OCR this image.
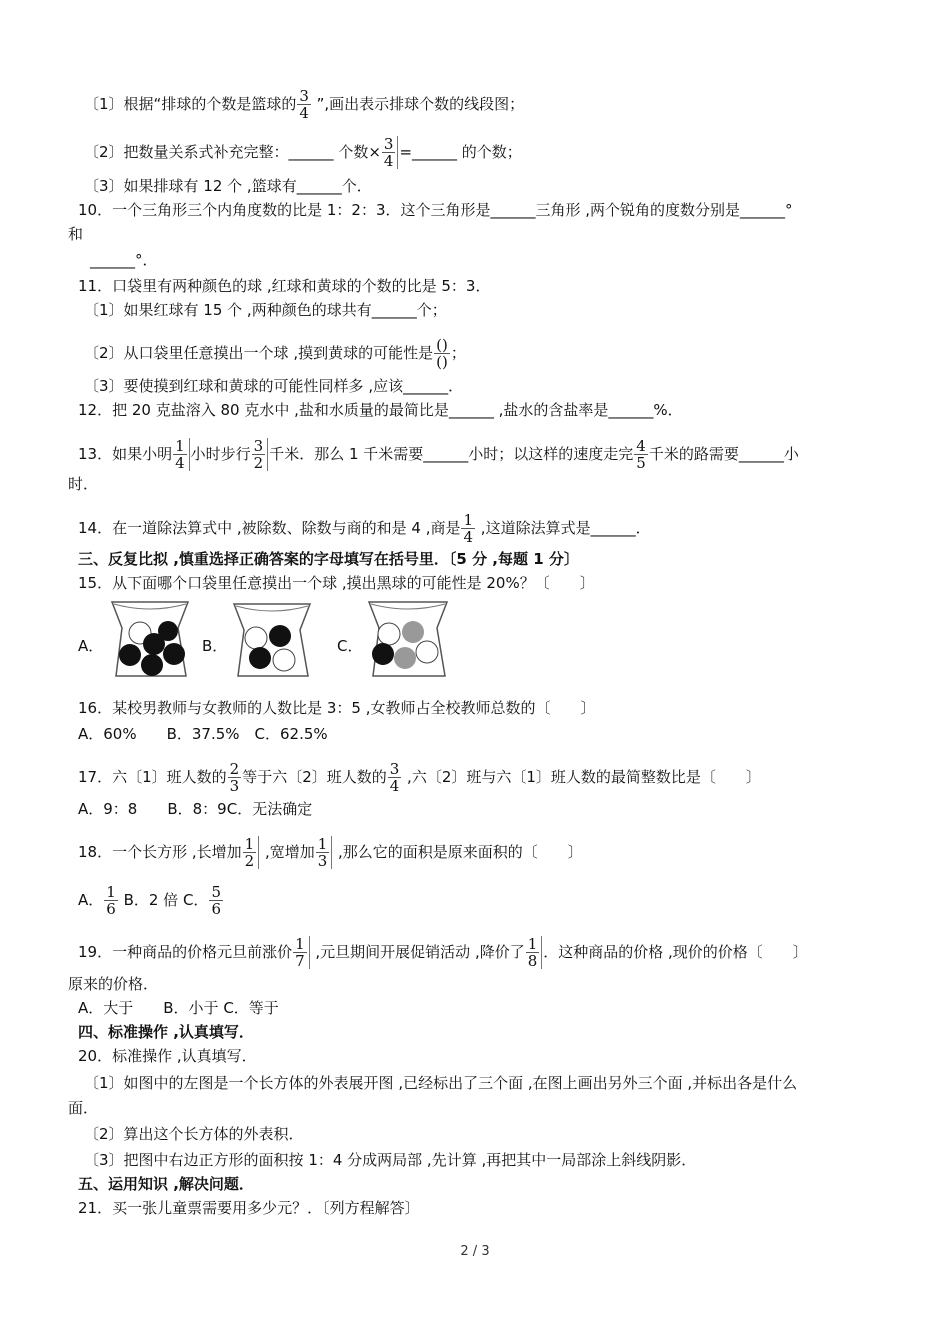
〔1〕根据“排球的个数是篮球的 $\frac{3}{4}$ ”,画出表示排球个数的线段图；
〔2〕把数量关系式补充完整：______ 个数× $\frac{3}{4}$ =______ 的个数；
〔3〕如果排球有 12 个 ,篮球有______个．
10．一个三角形三个内角度数的比是 1：2：3．这个三角形是______三角形 ,两个锐角的度数分别是______°
和
______°．
11．口袋里有两种颜色的球 ,红球和黄球的个数的比是 5：3．
〔1〕如果红球有 15 个 ,两种颜色的球共有______个；
〔2〕从口袋里任意摸出一个球 ,摸到黄球的可能性是 $\frac{()}{()}$ ；
〔3〕要使摸到红球和黄球的可能性同样多 ,应该______．
12．把 20 克盐溶入 80 克水中 ,盐和水质量的最简比是______ ,盐水的含盐率是______%．
13．如果小明 $\frac{1}{4}$ 小时步行 $\frac{3}{2}$ 千米．那么 1 千米需要______小时；以这样的速度走完 $\frac{4}{5}$ 千米的路需要______小
时．
14．在一道除法算式中 ,被除数、除数与商的和是 4 ,商是 $\frac{1}{4}$ ,这道除法算式是______．
三、反复比拟 ,慎重选择正确答案的字母填写在括号里．〔5 分 ,每题 1 分〕
15．从下面哪个口袋里任意摸出一个球 ,摸出黑球的可能性是 20%？〔　　〕
A．	B．	C．
16．某校男教师与女教师的人数比是 3：5 ,女教师占全校教师总数的〔　　〕
A．60%　　B．37.5%　C．62.5%
17．六〔1〕班人数的 $\frac{2}{3}$ 等于六〔2〕班人数的 $\frac{3}{4}$ ,六〔2〕班与六〔1〕班人数的最简整数比是〔　　〕
A．9：8　　B．8：9C．无法确定
18．一个长方形 ,长增加 $\frac{1}{2}$ ,宽增加 $\frac{1}{3}$ ,那么它的面积是原来面积的〔　　〕
A． $\frac{1}{6}$ B．2 倍 C． $\frac{5}{6}$
19．一种商品的价格元旦前涨价 $\frac{1}{7}$ ,元旦期间开展促销活动 ,降价了 $\frac{1}{8}$ ．这种商品的价格 ,现价的价格〔　　〕
原来的价格．
A．大于　　B．小于 C．等于
四、标准操作 ,认真填写．
20．标准操作 ,认真填写．
〔1〕如图中的左图是一个长方体的外表展开图 ,已经标出了三个面 ,在图上画出另外三个面 ,并标出各是什么
面．
〔2〕算出这个长方体的外表积．
〔3〕把图中右边正方形的面积按 1：4 分成两局部 ,先计算 ,再把其中一局部涂上斜线阴影．
五、运用知识 ,解决问题．
21．买一张儿童票需要用多少元？．〔列方程解答〕
2 / 3
